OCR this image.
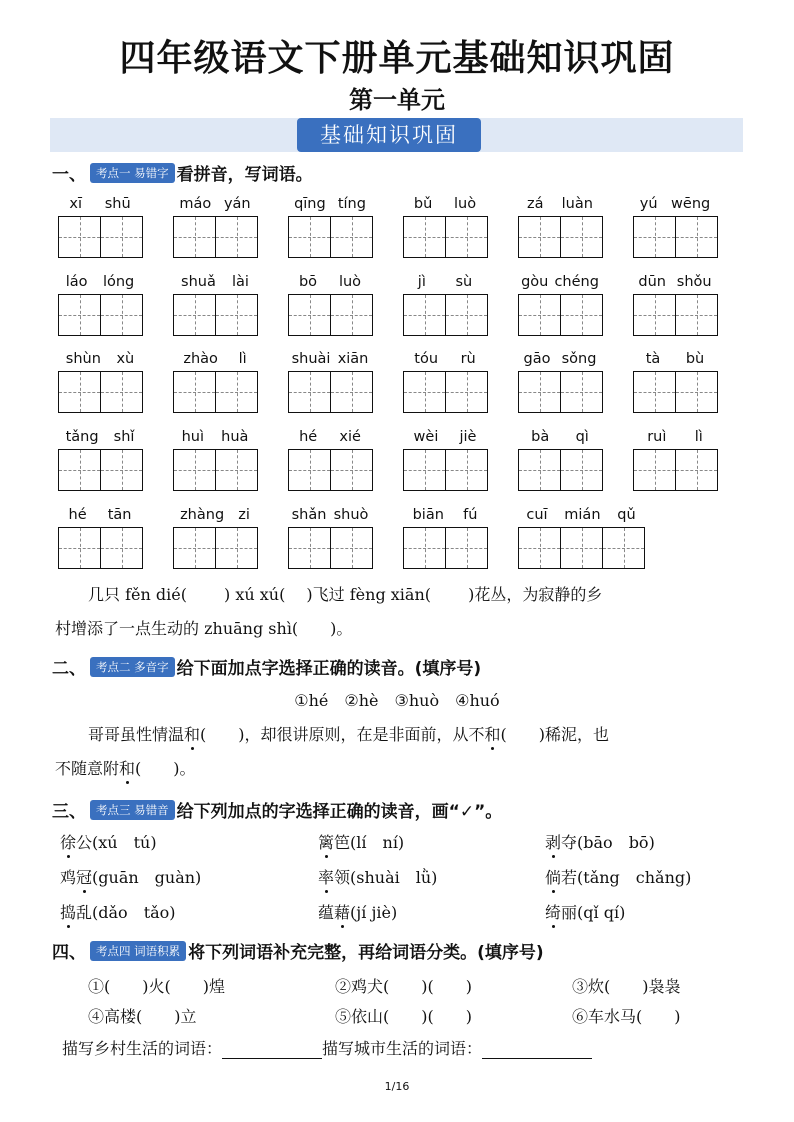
四年级语文下册单元基础知识巩固
第一单元
基础知识巩固
一、 考点一 易错字 看拼音，写词语。
xī shū	máo yán	qīng tíng	bǔ luò	zá luàn	yú wēng
láo lóng	shuǎ lài	bō luò	jì sù	gòu chéng	dūn shǒu
shùn xù	zhào lì	shuài xiān	tóu rù	gāo sǒng	tà bù
tǎng shǐ	huì huà	hé xié	wèi jiè	bà qì	ruì lì
hé tān	zhàng zi	shǎn shuò	biān fú	cuī mián qǔ
几只 fěn dié(　　 ) xú xú(　 )飞过 fèng xiān(　　 )花丛，为寂静的乡
村增添了一点生动的 zhuāng shì(　　)。
二、 考点二 多音字 给下面加点字选择正确的读音。(填序号)
①hé　②hè　③huò　④huó
哥哥虽性情温和(　　)，却很讲原则，在是非面前，从不和(　　)稀泥，也
不随意附和(　　)。
三、 考点三 易错音 给下列加点的字选择正确的读音，画“✓”。
徐公(xú　tú)	篱笆(lí　ní)	剥夺(bāo　bō)
鸡冠(guān　guàn)	率领(shuài　lǜ)	倘若(tǎng　chǎng)
捣乱(dǎo　tǎo)	蕴藉(jí jiè)	绮丽(qǐ qí)
四、 考点四 词语积累 将下列词语补充完整，再给词语分类。(填序号)
①(　　)火(　　)煌	②鸡犬(　　)(　　)	③炊(　　)袅袅
④高楼(　　)立	⑤依山(　　)(　　)	⑥车水马(　　)
描写乡村生活的词语：	描写城市生活的词语：
1/16
